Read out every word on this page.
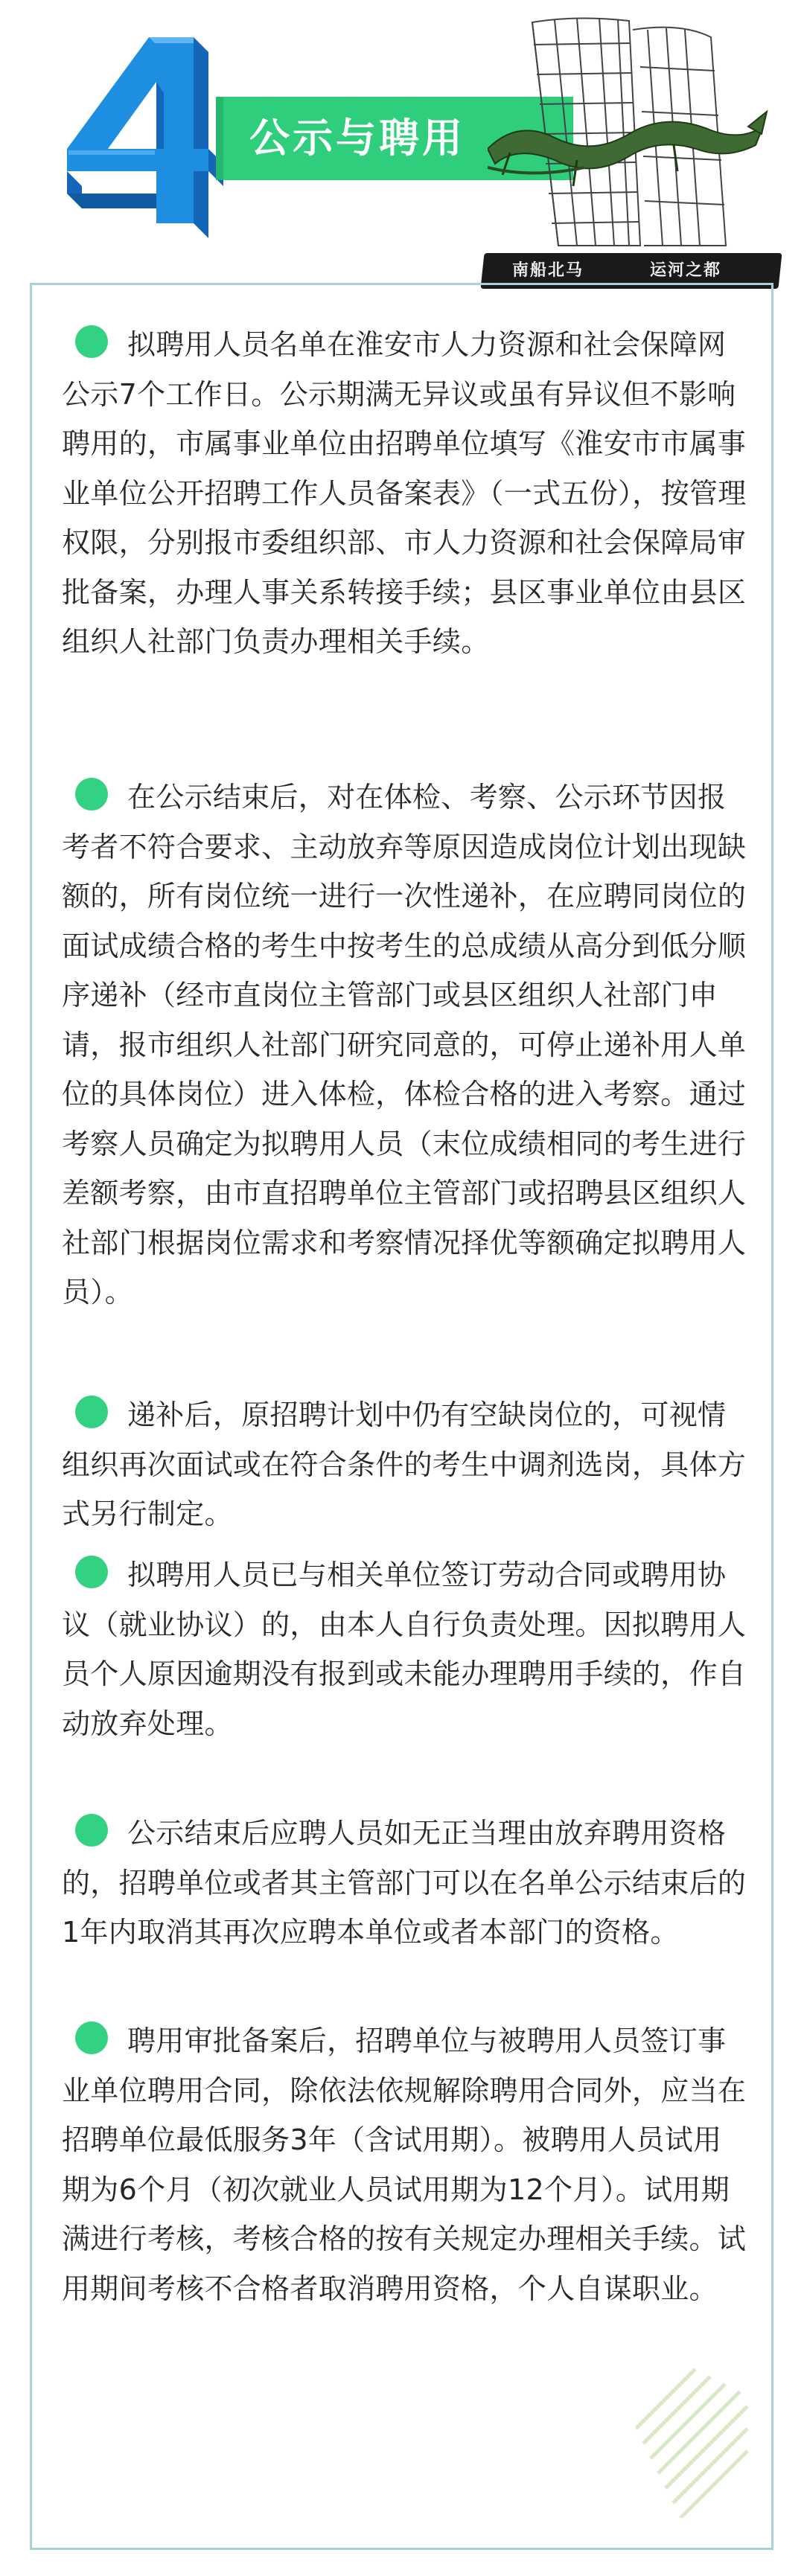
公示与聘用
南船北马	运河之都

拟聘用人员名单在淮安市人力资源和社会保障网公示7个工作日。公示期满无异议或虽有异议但不影响聘用的，市属事业单位由招聘单位填写《淮安市市属事业单位公开招聘工作人员备案表》（一式五份），按管理权限，分别报市委组织部、市人力资源和社会保障局审批备案，办理人事关系转接手续；县区事业单位由县区组织人社部门负责办理相关手续。

在公示结束后，对在体检、考察、公示环节因报考者不符合要求、主动放弃等原因造成岗位计划出现缺额的，所有岗位统一进行一次性递补，在应聘同岗位的面试成绩合格的考生中按考生的总成绩从高分到低分顺序递补（经市直岗位主管部门或县区组织人社部门申请，报市组织人社部门研究同意的，可停止递补用人单位的具体岗位）进入体检，体检合格的进入考察。通过考察人员确定为拟聘用人员（末位成绩相同的考生进行差额考察，由市直招聘单位主管部门或招聘县区组织人社部门根据岗位需求和考察情况择优等额确定拟聘用人员）。

递补后，原招聘计划中仍有空缺岗位的，可视情组织再次面试或在符合条件的考生中调剂选岗，具体方式另行制定。

拟聘用人员已与相关单位签订劳动合同或聘用协议（就业协议）的，由本人自行负责处理。因拟聘用人员个人原因逾期没有报到或未能办理聘用手续的，作自动放弃处理。

公示结束后应聘人员如无正当理由放弃聘用资格的，招聘单位或者其主管部门可以在名单公示结束后的1年内取消其再次应聘本单位或者本部门的资格。

聘用审批备案后，招聘单位与被聘用人员签订事业单位聘用合同，除依法依规解除聘用合同外，应当在招聘单位最低服务3年（含试用期）。被聘用人员试用期为6个月（初次就业人员试用期为12个月）。试用期满进行考核，考核合格的按有关规定办理相关手续。试用期间考核不合格者取消聘用资格，个人自谋职业。
